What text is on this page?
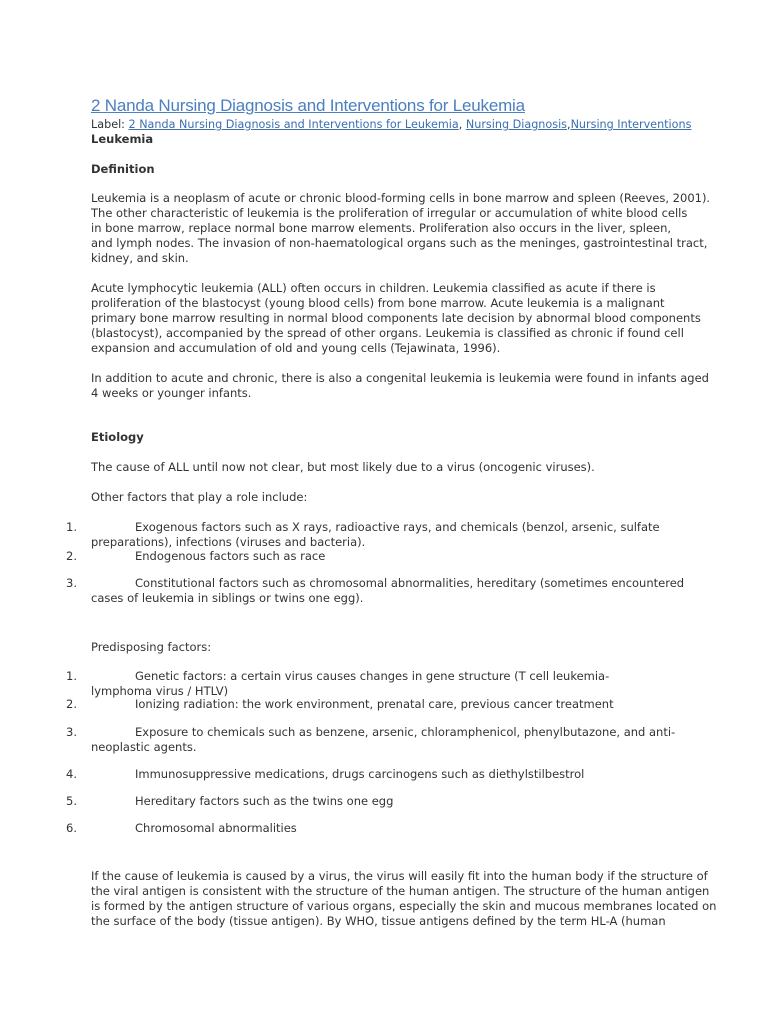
2 Nanda Nursing Diagnosis and Interventions for Leukemia
Label: 2 Nanda Nursing Diagnosis and Interventions for Leukemia, Nursing Diagnosis,Nursing Interventions
Leukemia
Definition
Leukemia is a neoplasm of acute or chronic blood-forming cells in bone marrow and spleen (Reeves, 2001).
The other characteristic of leukemia is the proliferation of irregular or accumulation of white blood cells
in bone marrow, replace normal bone marrow elements. Proliferation also occurs in the liver, spleen,
and lymph nodes. The invasion of non-haematological organs such as the meninges, gastrointestinal tract,
kidney, and skin.
Acute lymphocytic leukemia (ALL) often occurs in children. Leukemia classified as acute if there is
proliferation of the blastocyst (young blood cells) from bone marrow. Acute leukemia is a malignant
primary bone marrow resulting in normal blood components late decision by abnormal blood components
(blastocyst), accompanied by the spread of other organs. Leukemia is classified as chronic if found cell
expansion and accumulation of old and young cells (Tejawinata, 1996).
In addition to acute and chronic, there is also a congenital leukemia is leukemia were found in infants aged
4 weeks or younger infants.
Etiology
The cause of ALL until now not clear, but most likely due to a virus (oncogenic viruses).
Other factors that play a role include:
1.	Exogenous factors such as X rays, radioactive rays, and chemicals (benzol, arsenic, sulfate
preparations), infections (viruses and bacteria).
2.	Endogenous factors such as race
3.	Constitutional factors such as chromosomal abnormalities, hereditary (sometimes encountered
cases of leukemia in siblings or twins one egg).
Predisposing factors:
1.	Genetic factors: a certain virus causes changes in gene structure (T cell leukemia-
lymphoma virus / HTLV)
2.	Ionizing radiation: the work environment, prenatal care, previous cancer treatment
3.	Exposure to chemicals such as benzene, arsenic, chloramphenicol, phenylbutazone, and anti-
neoplastic agents.
4.	Immunosuppressive medications, drugs carcinogens such as diethylstilbestrol
5.	Hereditary factors such as the twins one egg
6.	Chromosomal abnormalities
If the cause of leukemia is caused by a virus, the virus will easily fit into the human body if the structure of
the viral antigen is consistent with the structure of the human antigen. The structure of the human antigen
is formed by the antigen structure of various organs, especially the skin and mucous membranes located on
the surface of the body (tissue antigen). By WHO, tissue antigens defined by the term HL-A (human
